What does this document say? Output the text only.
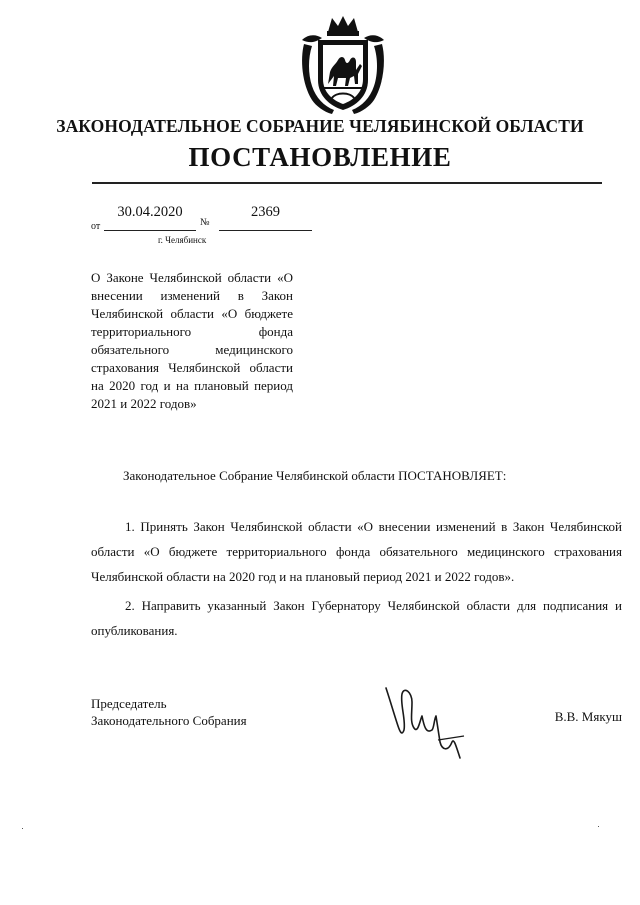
ЗАКОНОДАТЕЛЬНОЕ СОБРАНИЕ ЧЕЛЯБИНСКОЙ ОБЛАСТИ
ПОСТАНОВЛЕНИЕ
от
30.04.2020
№
2369
г. Челябинск
О Законе Челябинской области «О внесении изменений в Закон Челябинской области «О бюджете территориального фонда обязательного медицинского страхования Челябинской области на 2020 год и на плановый период 2021 и 2022 годов»
Законодательное Собрание Челябинской области ПОСТАНОВЛЯЕТ:
1. Принять Закон Челябинской области «О внесении изменений в Закон Челябинской области «О бюджете территориального фонда обязательного медицинского страхования Челябинской области на 2020 год и на плановый период 2021 и 2022 годов».
2. Направить указанный Закон Губернатору Челябинской области для подписания и опубликования.
Председатель
Законодательного Собрания	В.В. Мякуш
